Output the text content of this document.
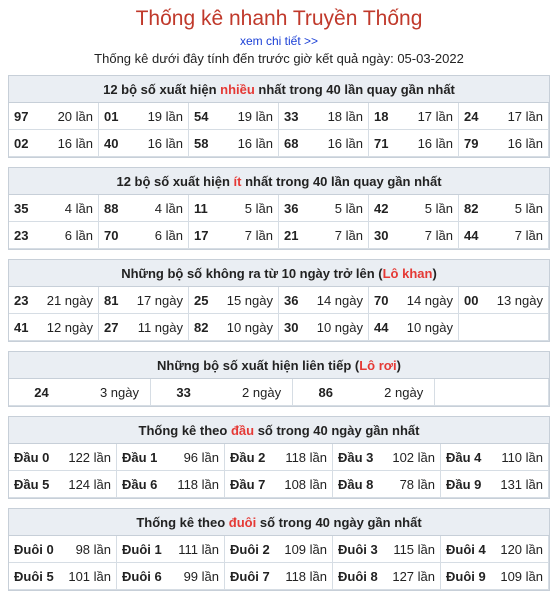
Thống kê nhanh Truyền Thống
xem chi tiết >>
Thống kê dưới đây tính đến trước giờ kết quả ngày: 05-03-2022
12 bộ số xuất hiện nhiều nhất trong 40 lần quay gần nhất
97 20 lần 01 19 lần 54 19 lần 33 18 lần 18 17 lần 24 17 lần
02 16 lần 40 16 lần 58 16 lần 68 16 lần 71 16 lần 79 16 lần
12 bộ số xuất hiện ít nhất trong 40 lần quay gần nhất
35	4 lần 88	4 lần 11	5 lần 36	5 lần 42	5 lần 82	5 lần
23	6 lần 70	6 lần 17	7 lần 21	7 lần 30	7 lần 44	7 lần
Những bộ số không ra từ 10 ngày trở lên (Lô khan)
23 21 ngày 81 17 ngày 25 15 ngày 36 14 ngày 70 14 ngày 00 13 ngày
41 12 ngày 27 11 ngày 82 10 ngày 30 10 ngày 44 10 ngày
Những bộ số xuất hiện liên tiếp (Lô rơi)
24	3 ngày	33	2 ngày	86	2 ngày
Thống kê theo đầu số trong 40 ngày gần nhất
Đầu 0 122 lần Đầu 1 96 lần Đầu 2 118 lần Đầu 3 102 lần Đầu 4 110 lần
Đầu 5 124 lần Đầu 6 118 lần Đầu 7 108 lần Đầu 8 78 lần Đầu 9 131 lần
Thống kê theo đuôi số trong 40 ngày gần nhất
Đuôi 0 98 lần Đuôi 1 111 lần Đuôi 2 109 lần Đuôi 3 115 lần Đuôi 4 120 lần
Đuôi 5 101 lần Đuôi 6 99 lần Đuôi 7 118 lần Đuôi 8 127 lần Đuôi 9 109 lần
